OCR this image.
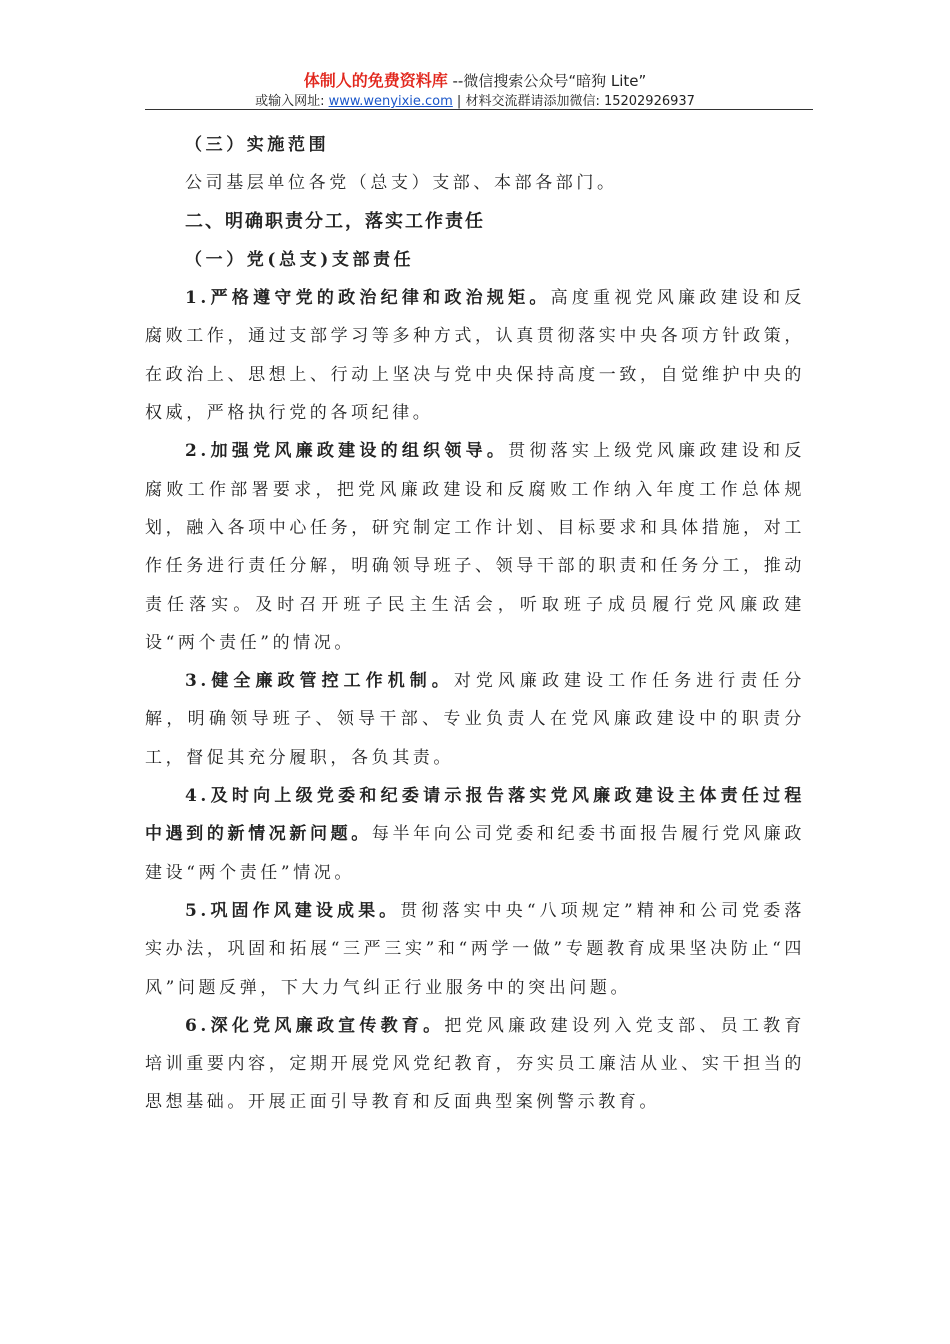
体制人的免费资料库 --微信搜索公众号“暗狗 Lite”
或输入网址: www.wenyixie.com | 材料交流群请添加微信: 15202926937

（三）实施范围

公司基层单位各党（总支）支部、本部各部门。

二、明确职责分工，落实工作责任

（一）党(总支)支部责任

1.严格遵守党的政治纪律和政治规矩。高度重视党风廉政建设和反腐败工作，通过支部学习等多种方式，认真贯彻落实中央各项方针政策，在政治上、思想上、行动上坚决与党中央保持高度一致，自觉维护中央的权威，严格执行党的各项纪律。

2.加强党风廉政建设的组织领导。贯彻落实上级党风廉政建设和反腐败工作部署要求，把党风廉政建设和反腐败工作纳入年度工作总体规划，融入各项中心任务，研究制定工作计划、目标要求和具体措施，对工作任务进行责任分解，明确领导班子、领导干部的职责和任务分工，推动责任落实。及时召开班子民主生活会，听取班子成员履行党风廉政建设“两个责任”的情况。

3.健全廉政管控工作机制。对党风廉政建设工作任务进行责任分解，明确领导班子、领导干部、专业负责人在党风廉政建设中的职责分工，督促其充分履职，各负其责。

4.及时向上级党委和纪委请示报告落实党风廉政建设主体责任过程中遇到的新情况新问题。每半年向公司党委和纪委书面报告履行党风廉政建设“两个责任”情况。

5.巩固作风建设成果。贯彻落实中央“八项规定”精神和公司党委落实办法，巩固和拓展“三严三实”和“两学一做”专题教育成果坚决防止“四风”问题反弹，下大力气纠正行业服务中的突出问题。

6.深化党风廉政宣传教育。把党风廉政建设列入党支部、员工教育培训重要内容，定期开展党风党纪教育，夯实员工廉洁从业、实干担当的思想基础。开展正面引导教育和反面典型案例警示教育。
